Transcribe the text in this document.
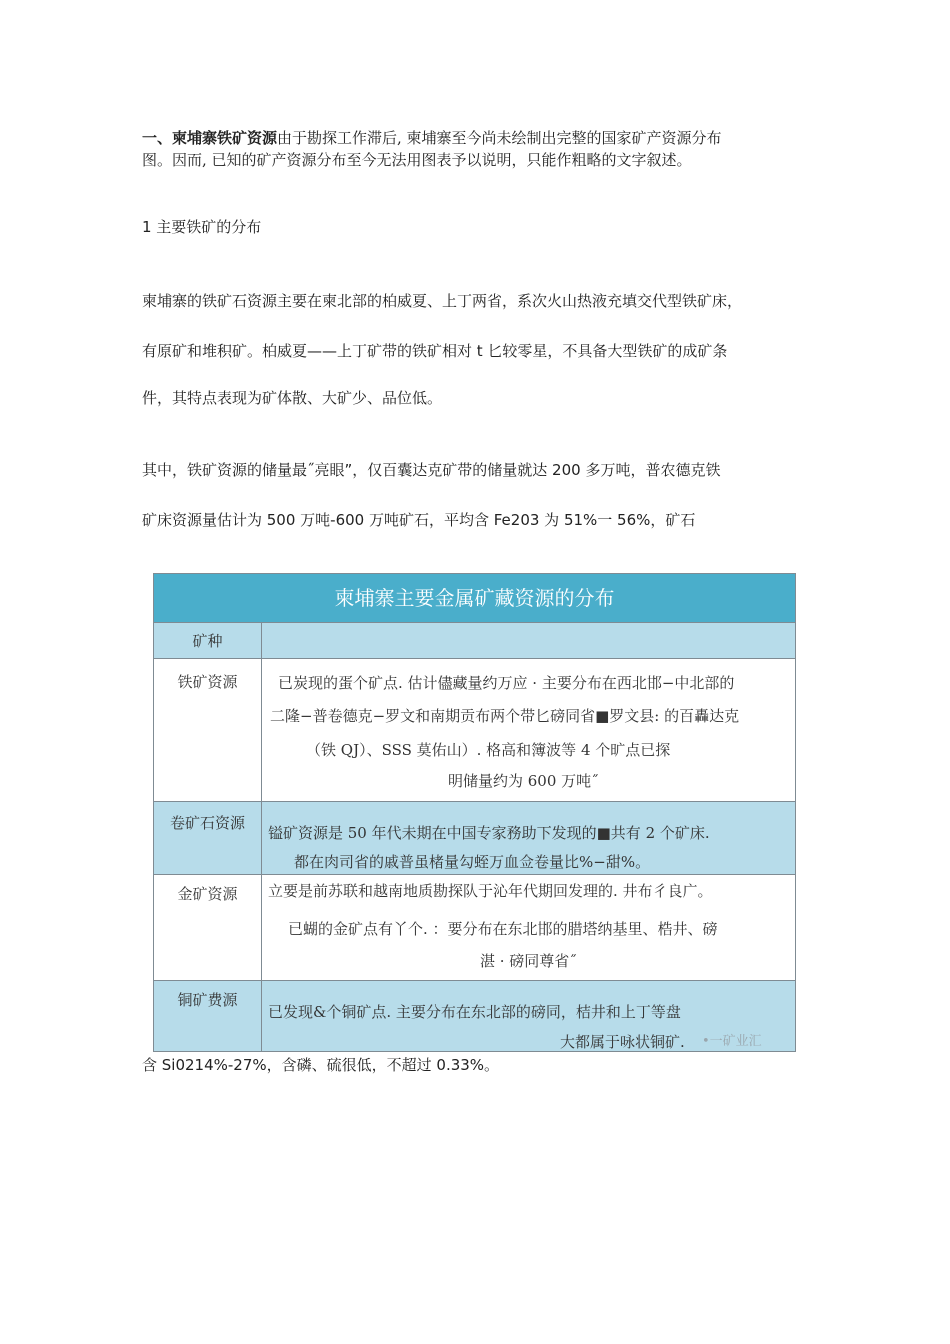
一、柬埔寨铁矿资源由于勘探工作滞后, 柬埔寨至今尚未绘制出完整的国家矿产资源分布
图。因而, 已知的矿产资源分布至今无法用图表予以说明，只能作粗略的文字叙述。
1 主要铁矿的分布
柬埔寨的铁矿石资源主要在柬北部的柏威夏、上丁两省，系次火山热液充填交代型铁矿床，
有原矿和堆积矿。柏威夏——上丁矿带的铁矿相对 t 匕较零星，不具备大型铁矿的成矿条
件，其特点表现为矿体散、大矿少、品位低。
其中，铁矿资源的储量最˝亮眼”，仅百囊达克矿带的储量就达 200 多万吨，普农德克铁
矿床资源量估计为 500 万吨-600 万吨矿石，平均含 Fe203 为 51%一 56%，矿石
柬埔寨主要金属矿藏资源的分布
矿种
铁矿资源	已炭现的蛋个矿点. 估计儘藏量约万应 · 主要分布在西北邯−中北部的
二隆−普卷德克−罗文和南期贡布两个带匕磅同省■罗文县: 的百轟达克
（铁 QJ）、SSS 莫佑山）. 格高和簿波等 4 个旷点已探
明储量约为 600 万吨˝
卷矿石资源
镒矿资源是 50 年代未期在中国专家務助下发现的■共有 2 个矿床.
都在肉司省的戚普虽楮量勾蛭万血佥卷量比%−甜%。
金矿资源	立要是前苏联和越南地质勘探队于沁年代期回发理的. 井布彳良广。
已蝴的金矿点有丫个. ：要分布在东北邯的腊塔纳基里、梏井、磅
湛 · 磅同尊省˝
铜矿费源
已发现&个铜矿点. 主要分布在东北部的磅同，桔井和上丁等盘
大都属于咏状铜矿. •一矿业汇
含 Si0214%-27%，含磷、硫很低，不超过 0.33%。
